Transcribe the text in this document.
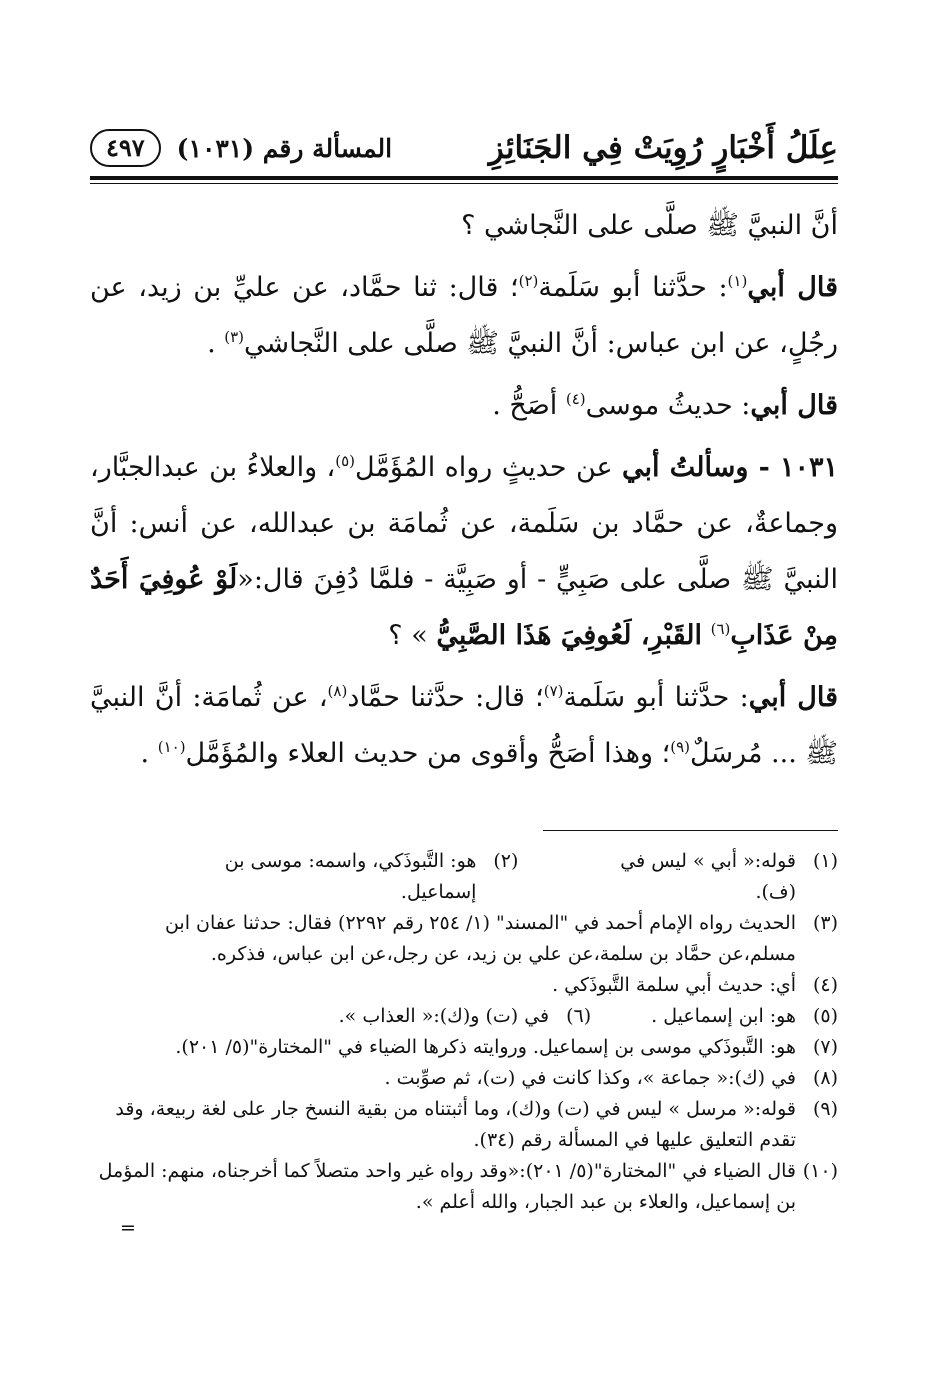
عِلَلُ أَخْبَارٍ رُوِيَتْ فِي الجَنَائِزِ
المسألة رقم (١٠٣١)
٤٩٧

أنَّ النبيَّ ﷺ صلَّى على النَّجاشي ؟

قال أبي$^{(١)}$: حدَّثنا أبو سَلَمة$^{(٢)}$؛ قال: ثنا حمَّاد، عن عليِّ بن زيد، عن رجُلٍ، عن ابن عباس: أنَّ النبيَّ ﷺ صلَّى على النَّجاشي$^{(٣)}$ .

قال أبي: حديثُ موسى$^{(٤)}$ أصَحُّ .

١٠٣١ - وسألتُ أبي عن حديثٍ رواه المُؤَمَّل$^{(٥)}$، والعلاءُ بن عبدالجبَّار، وجماعةٌ، عن حمَّاد بن سَلَمة، عن ثُمامَة بن عبدالله، عن أنس: أنَّ النبيَّ ﷺ صلَّى على صَبِيٍّ - أو صَبِيَّة - فلمَّا دُفِنَ قال:«لَوْ عُوفِيَ أَحَدٌ مِنْ عَذَابِ$^{(٦)}$ القَبْرِ، لَعُوفِيَ هَذَا الصَّبِيُّ » ؟

قال أبي: حدَّثنا أبو سَلَمة$^{(٧)}$؛ قال: حدَّثنا حمَّاد$^{(٨)}$، عن ثُمامَة: أنَّ النبيَّ ﷺ ... مُرسَلٌ$^{(٩)}$؛ وهذا أصَحُّ وأقوى من حديث العلاء والمُؤَمَّل$^{(١٠)}$ .

(١)
قوله:« أبي » ليس في (ف).
(٢)
هو: التَّبوذَكي، واسمه: موسى بن إسماعيل.
(٣)
الحديث رواه الإمام أحمد في "المسند" (١/ ٢٥٤ رقم ٢٢٩٢) فقال: حدثنا عفان ابن مسلم،عن حمَّاد بن سلمة،عن علي بن زيد، عن رجل،عن ابن عباس، فذكره.
(٤)
أي: حديث أبي سلمة التَّبوذَكي .
(٥)
هو: ابن إسماعيل .
(٦)
في (ت) و(ك):« العذاب ».
(٧)
هو: التَّبوذَكي موسى بن إسماعيل. وروايته ذكرها الضياء في "المختارة"(٥/ ٢٠١).
(٨)
في (ك):« جماعة »، وكذا كانت في (ت)، ثم صوِّبت .
(٩)
قوله:« مرسل » ليس في (ت) و(ك)، وما أثبتناه من بقية النسخ جار على لغة ربيعة، وقد تقدم التعليق عليها في المسألة رقم (٣٤).
(١٠)
قال الضياء في "المختارة"(٥/ ٢٠١):«وقد رواه غير واحد متصلاً كما أخرجناه، منهم: المؤمل بن إسماعيل، والعلاء بن عبد الجبار، والله أعلم ».
=
